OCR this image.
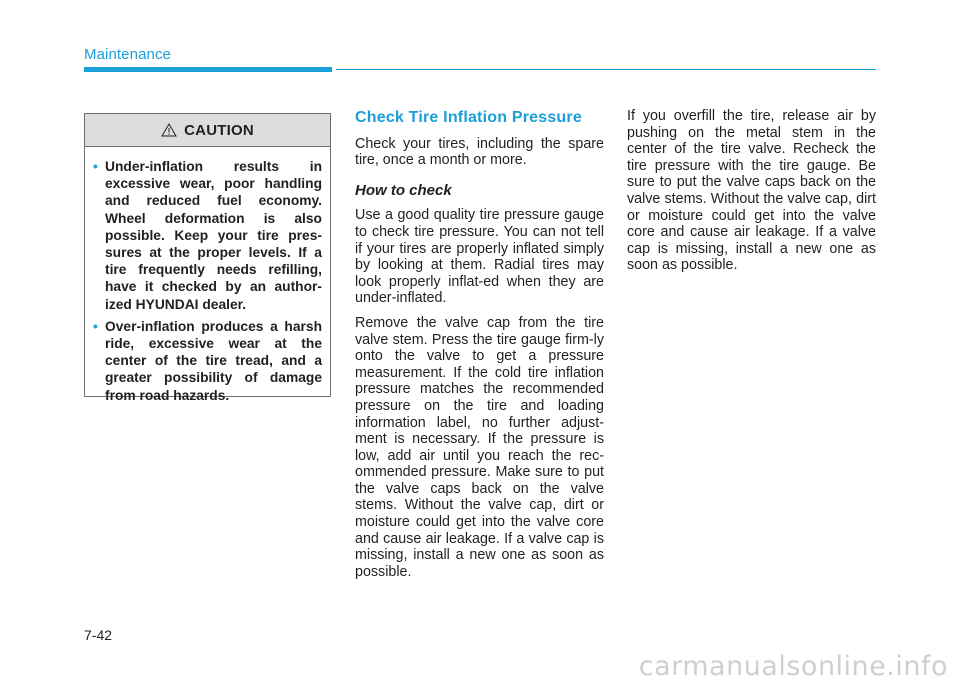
Maintenance
CAUTION
• Under-inflation results in excessive wear, poor handling and reduced fuel economy. Wheel deformation is also possible. Keep your tire pres-sures at the proper levels. If a tire frequently needs refilling, have it checked by an author-ized HYUNDAI dealer.
• Over-inflation produces a harsh ride, excessive wear at the center of the tire tread, and a greater possibility of damage from road hazards.
Check Tire Inflation Pressure

Check your tires, including the spare tire, once a month or more.

How to check

Use a good quality tire pressure gauge to check tire pressure. You can not tell if your tires are properly inflated simply by looking at them. Radial tires may look properly inflat-ed when they are under-inflated.

Remove the valve cap from the tire valve stem. Press the tire gauge firm-ly onto the valve to get a pressure measurement. If the cold tire inflation pressure matches the recommended pressure on the tire and loading information label, no further adjust-ment is necessary. If the pressure is low, add air until you reach the rec-ommended pressure. Make sure to put the valve caps back on the valve stems. Without the valve cap, dirt or moisture could get into the valve core and cause air leakage. If a valve cap is missing, install a new one as soon as possible.

If you overfill the tire, release air by pushing on the metal stem in the center of the tire valve. Recheck the tire pressure with the tire gauge. Be sure to put the valve caps back on the valve stems. Without the valve cap, dirt or moisture could get into the valve core and cause air leakage. If a valve cap is missing, install a new one as soon as possible.

7-42

carmanualsonline.info
